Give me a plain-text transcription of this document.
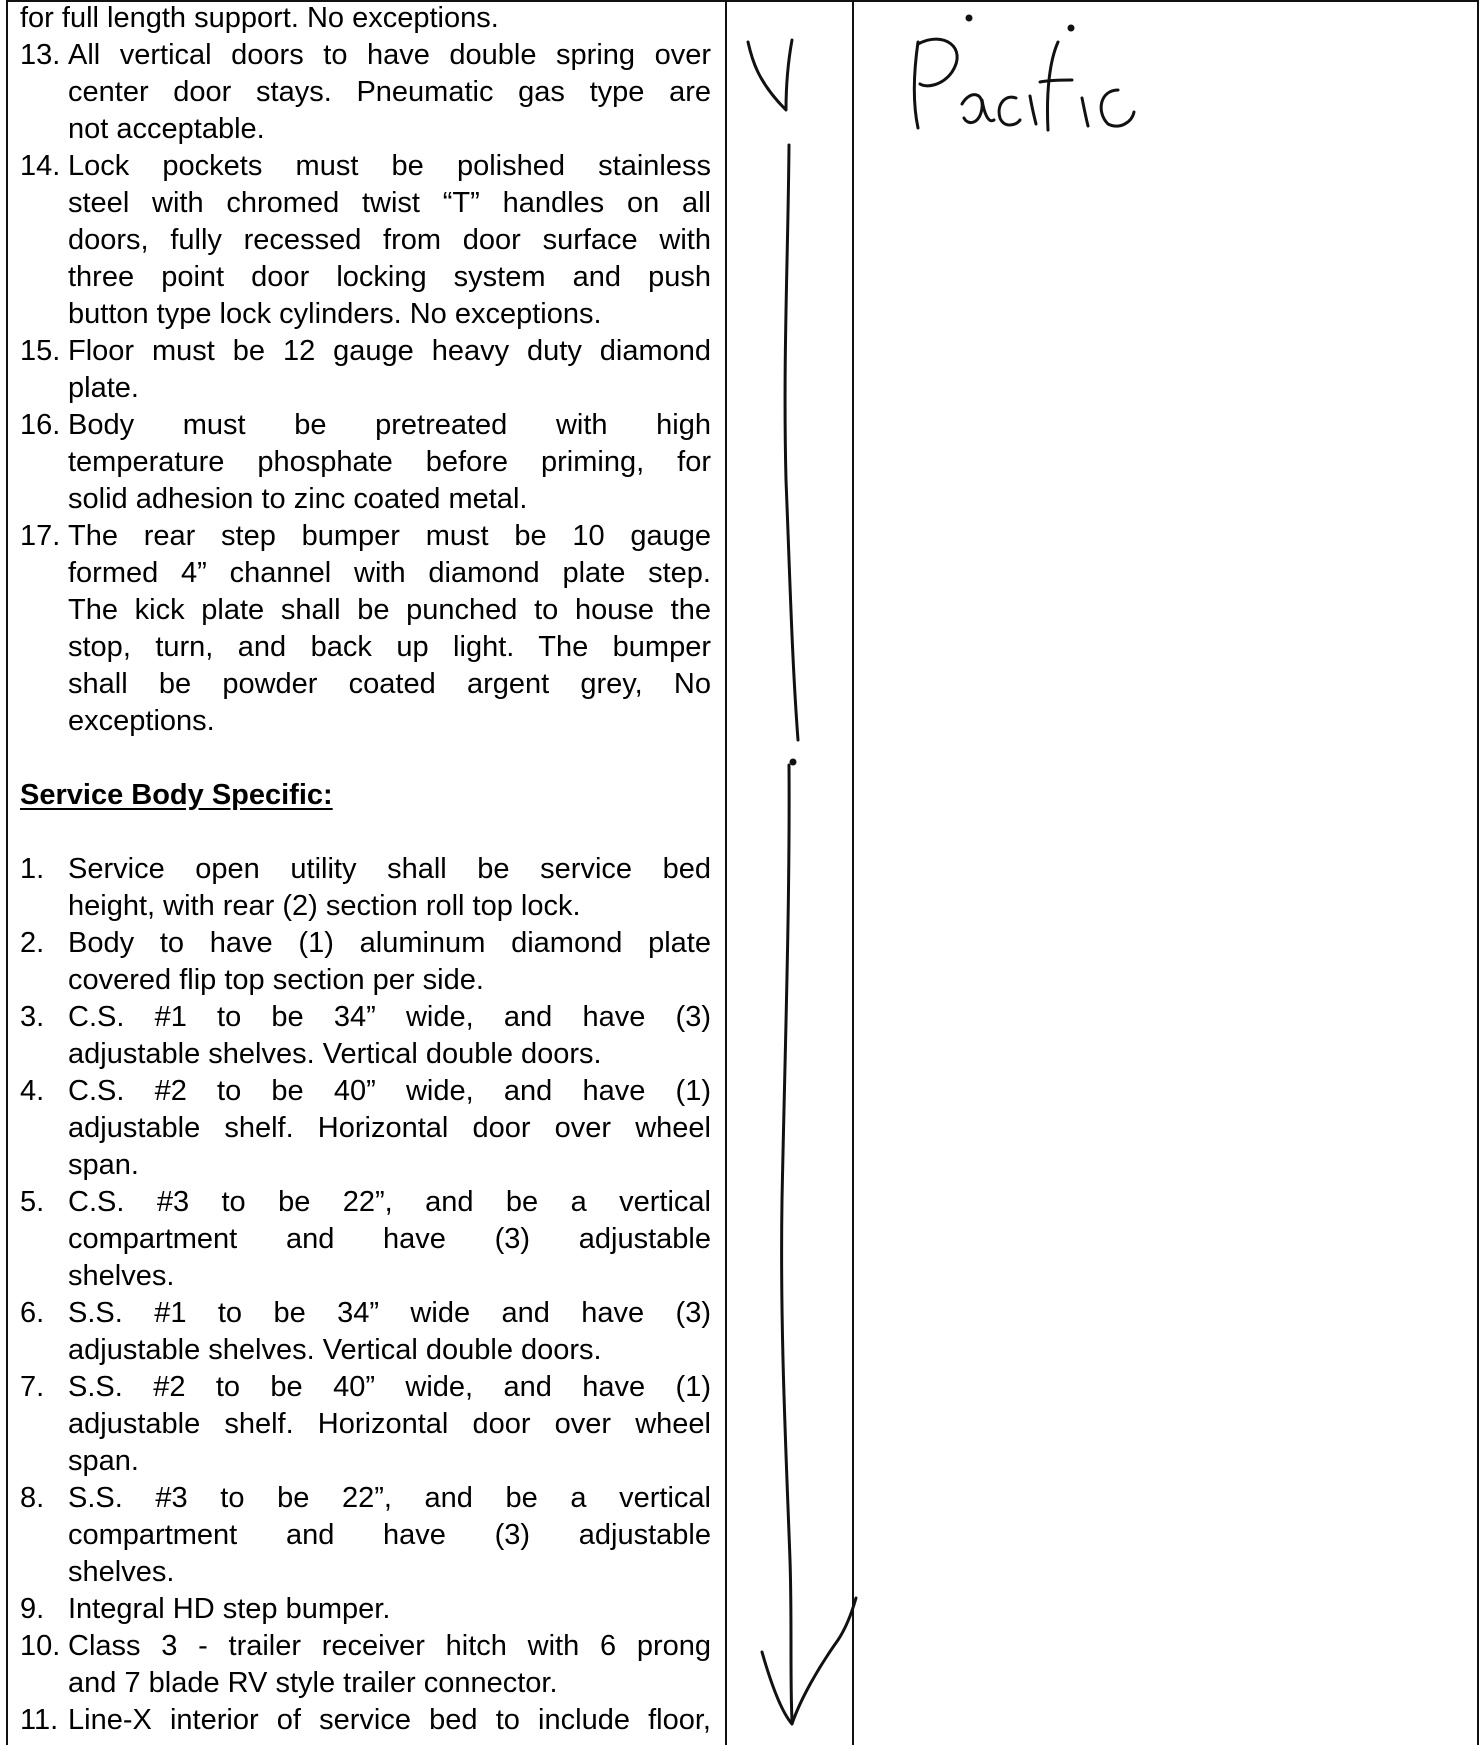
for full length support. No exceptions.
13. All vertical doors to have double spring over
center door stays. Pneumatic gas type are
not acceptable.
14. Lock pockets must be polished stainless
steel with chromed twist “T” handles on all
doors, fully recessed from door surface with
three point door locking system and push
button type lock cylinders. No exceptions.
15. Floor must be 12 gauge heavy duty diamond
plate.
16. Body must be pretreated with high
temperature phosphate before priming, for
solid adhesion to zinc coated metal.
17. The rear step bumper must be 10 gauge
formed 4” channel with diamond plate step.
The kick plate shall be punched to house the
stop, turn, and back up light. The bumper
shall be powder coated argent grey, No
exceptions.
Service Body Specific:
1. Service open utility shall be service bed
height, with rear (2) section roll top lock.
2. Body to have (1) aluminum diamond plate
covered flip top section per side.
3. C.S. #1 to be 34” wide, and have (3)
adjustable shelves. Vertical double doors.
4. C.S. #2 to be 40” wide, and have (1)
adjustable shelf. Horizontal door over wheel
span.
5. C.S. #3 to be 22”, and be a vertical
compartment and have (3) adjustable
shelves.
6. S.S. #1 to be 34” wide and have (3)
adjustable shelves. Vertical double doors.
7. S.S. #2 to be 40” wide, and have (1)
adjustable shelf. Horizontal door over wheel
span.
8. S.S. #3 to be 22”, and be a vertical
compartment and have (3) adjustable
shelves.
9. Integral HD step bumper.
10. Class 3 - trailer receiver hitch with 6 prong
and 7 blade RV style trailer connector.
11. Line-X interior of service bed to include floor,
